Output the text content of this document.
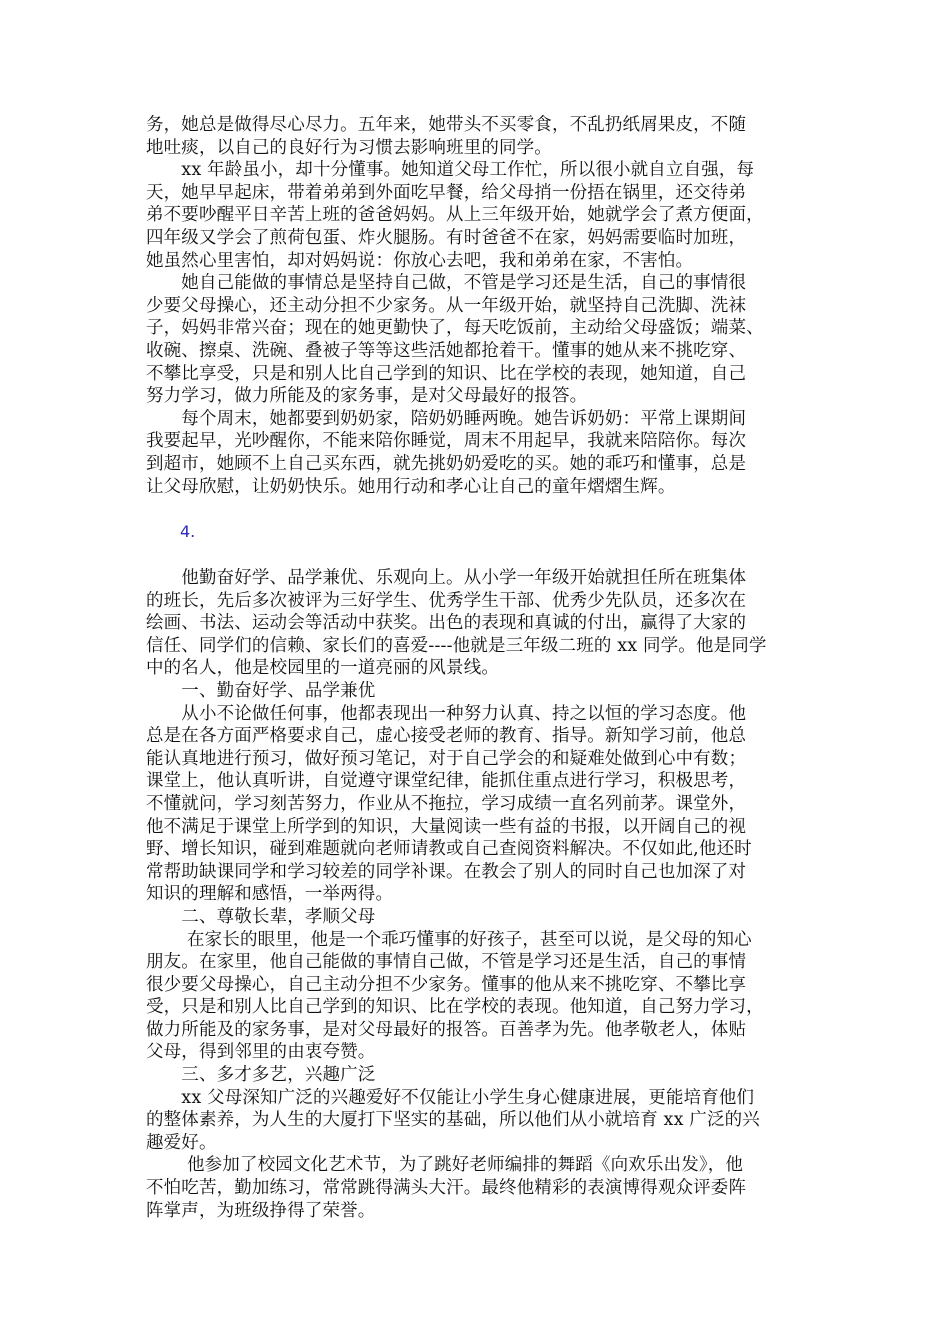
务，她总是做得尽心尽力。五年来，她带头不买零食，不乱扔纸屑果皮，不随
地吐痰，以自己的良好行为习惯去影响班里的同学。
　　xx 年龄虽小，却十分懂事。她知道父母工作忙，所以很小就自立自强，每
天，她早早起床，带着弟弟到外面吃早餐，给父母捎一份捂在锅里，还交待弟
弟不要吵醒平日辛苦上班的爸爸妈妈。从上三年级开始，她就学会了煮方便面，
四年级又学会了煎荷包蛋、炸火腿肠。有时爸爸不在家，妈妈需要临时加班，
她虽然心里害怕，却对妈妈说：你放心去吧，我和弟弟在家，不害怕。
　　她自己能做的事情总是坚持自己做，不管是学习还是生活，自己的事情很
少要父母操心，还主动分担不少家务。从一年级开始，就坚持自己洗脚、洗袜
子，妈妈非常兴奋；现在的她更勤快了，每天吃饭前，主动给父母盛饭；端菜、
收碗、擦桌、洗碗、叠被子等等这些活她都抢着干。懂事的她从来不挑吃穿、
不攀比享受，只是和别人比自己学到的知识、比在学校的表现，她知道，自己
努力学习，做力所能及的家务事，是对父母最好的报答。
　　每个周末，她都要到奶奶家，陪奶奶睡两晚。她告诉奶奶：平常上课期间
我要起早，光吵醒你，不能来陪你睡觉，周末不用起早，我就来陪陪你。每次
到超市，她顾不上自己买东西，就先挑奶奶爱吃的买。她的乖巧和懂事，总是
让父母欣慰，让奶奶快乐。她用行动和孝心让自己的童年熠熠生辉。
4.
　　他勤奋好学、品学兼优、乐观向上。从小学一年级开始就担任所在班集体
的班长，先后多次被评为三好学生、优秀学生干部、优秀少先队员，还多次在
绘画、书法、运动会等活动中获奖。出色的表现和真诚的付出，赢得了大家的
信任、同学们的信赖、家长们的喜爱----他就是三年级二班的 xx 同学。他是同学
中的名人，他是校园里的一道亮丽的风景线。
　　一、勤奋好学、品学兼优
　　从小不论做任何事，他都表现出一种努力认真、持之以恒的学习态度。他
总是在各方面严格要求自己，虚心接受老师的教育、指导。新知学习前，他总
能认真地进行预习，做好预习笔记，对于自己学会的和疑难处做到心中有数；
课堂上，他认真听讲，自觉遵守课堂纪律，能抓住重点进行学习，积极思考，
不懂就问，学习刻苦努力，作业从不拖拉，学习成绩一直名列前茅。课堂外，
他不满足于课堂上所学到的知识，大量阅读一些有益的书报，以开阔自己的视
野、增长知识，碰到难题就向老师请教或自己查阅资料解决。不仅如此,他还时
常帮助缺课同学和学习较差的同学补课。在教会了别人的同时自己也加深了对
知识的理解和感悟，一举两得。
　　二、尊敬长辈，孝顺父母
　　 在家长的眼里，他是一个乖巧懂事的好孩子，甚至可以说，是父母的知心
朋友。在家里，他自己能做的事情自己做，不管是学习还是生活，自己的事情
很少要父母操心，自己主动分担不少家务。懂事的他从来不挑吃穿、不攀比享
受，只是和别人比自己学到的知识、比在学校的表现。他知道，自己努力学习，
做力所能及的家务事，是对父母最好的报答。百善孝为先。他孝敬老人，体贴
父母，得到邻里的由衷夸赞。
　　三、多才多艺，兴趣广泛
　　xx 父母深知广泛的兴趣爱好不仅能让小学生身心健康进展，更能培育他们
的整体素养，为人生的大厦打下坚实的基础，所以他们从小就培育 xx 广泛的兴
趣爱好。
　　 他参加了校园文化艺术节，为了跳好老师编排的舞蹈《向欢乐出发》，他
不怕吃苦，勤加练习，常常跳得满头大汗。最终他精彩的表演博得观众评委阵
阵掌声，为班级挣得了荣誉。
